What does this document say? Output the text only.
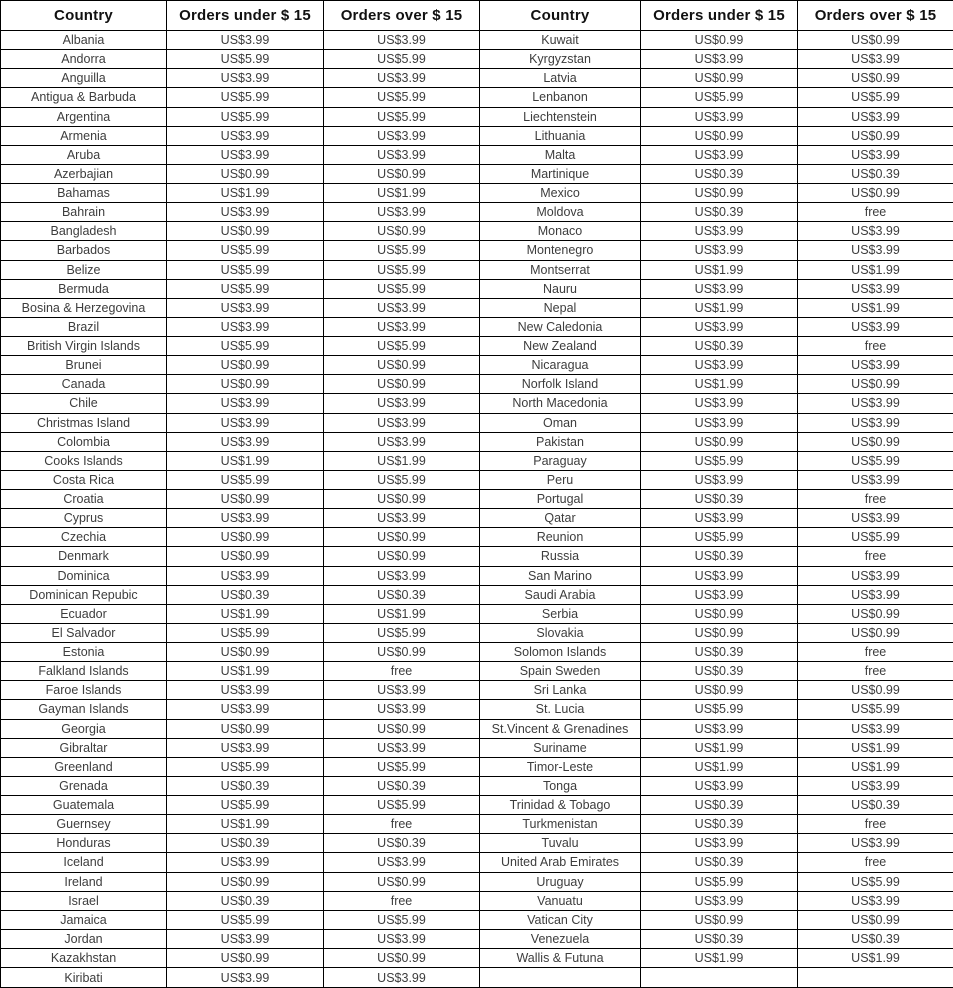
Country	Orders under $ 15	Orders over $ 15	Country	Orders under $ 15	Orders over $ 15
Albania	US$3.99	US$3.99	Kuwait	US$0.99	US$0.99
Andorra	US$5.99	US$5.99	Kyrgyzstan	US$3.99	US$3.99
Anguilla	US$3.99	US$3.99	Latvia	US$0.99	US$0.99
Antigua & Barbuda	US$5.99	US$5.99	Lenbanon	US$5.99	US$5.99
Argentina	US$5.99	US$5.99	Liechtenstein	US$3.99	US$3.99
Armenia	US$3.99	US$3.99	Lithuania	US$0.99	US$0.99
Aruba	US$3.99	US$3.99	Malta	US$3.99	US$3.99
Azerbajian	US$0.99	US$0.99	Martinique	US$0.39	US$0.39
Bahamas	US$1.99	US$1.99	Mexico	US$0.99	US$0.99
Bahrain	US$3.99	US$3.99	Moldova	US$0.39	free
Bangladesh	US$0.99	US$0.99	Monaco	US$3.99	US$3.99
Barbados	US$5.99	US$5.99	Montenegro	US$3.99	US$3.99
Belize	US$5.99	US$5.99	Montserrat	US$1.99	US$1.99
Bermuda	US$5.99	US$5.99	Nauru	US$3.99	US$3.99
Bosina & Herzegovina	US$3.99	US$3.99	Nepal	US$1.99	US$1.99
Brazil	US$3.99	US$3.99	New Caledonia	US$3.99	US$3.99
British Virgin Islands	US$5.99	US$5.99	New Zealand	US$0.39	free
Brunei	US$0.99	US$0.99	Nicaragua	US$3.99	US$3.99
Canada	US$0.99	US$0.99	Norfolk Island	US$1.99	US$0.99
Chile	US$3.99	US$3.99	North Macedonia	US$3.99	US$3.99
Christmas Island	US$3.99	US$3.99	Oman	US$3.99	US$3.99
Colombia	US$3.99	US$3.99	Pakistan	US$0.99	US$0.99
Cooks Islands	US$1.99	US$1.99	Paraguay	US$5.99	US$5.99
Costa Rica	US$5.99	US$5.99	Peru	US$3.99	US$3.99
Croatia	US$0.99	US$0.99	Portugal	US$0.39	free
Cyprus	US$3.99	US$3.99	Qatar	US$3.99	US$3.99
Czechia	US$0.99	US$0.99	Reunion	US$5.99	US$5.99
Denmark	US$0.99	US$0.99	Russia	US$0.39	free
Dominica	US$3.99	US$3.99	San Marino	US$3.99	US$3.99
Dominican Repubic	US$0.39	US$0.39	Saudi Arabia	US$3.99	US$3.99
Ecuador	US$1.99	US$1.99	Serbia	US$0.99	US$0.99
El Salvador	US$5.99	US$5.99	Slovakia	US$0.99	US$0.99
Estonia	US$0.99	US$0.99	Solomon Islands	US$0.39	free
Falkland Islands	US$1.99	free	Spain Sweden	US$0.39	free
Faroe Islands	US$3.99	US$3.99	Sri Lanka	US$0.99	US$0.99
Gayman Islands	US$3.99	US$3.99	St. Lucia	US$5.99	US$5.99
Georgia	US$0.99	US$0.99	St.Vincent & Grenadines	US$3.99	US$3.99
Gibraltar	US$3.99	US$3.99	Suriname	US$1.99	US$1.99
Greenland	US$5.99	US$5.99	Timor-Leste	US$1.99	US$1.99
Grenada	US$0.39	US$0.39	Tonga	US$3.99	US$3.99
Guatemala	US$5.99	US$5.99	Trinidad & Tobago	US$0.39	US$0.39
Guernsey	US$1.99	free	Turkmenistan	US$0.39	free
Honduras	US$0.39	US$0.39	Tuvalu	US$3.99	US$3.99
Iceland	US$3.99	US$3.99	United Arab Emirates	US$0.39	free
Ireland	US$0.99	US$0.99	Uruguay	US$5.99	US$5.99
Israel	US$0.39	free	Vanuatu	US$3.99	US$3.99
Jamaica	US$5.99	US$5.99	Vatican City	US$0.99	US$0.99
Jordan	US$3.99	US$3.99	Venezuela	US$0.39	US$0.39
Kazakhstan	US$0.99	US$0.99	Wallis & Futuna	US$1.99	US$1.99
Kiribati	US$3.99	US$3.99			
